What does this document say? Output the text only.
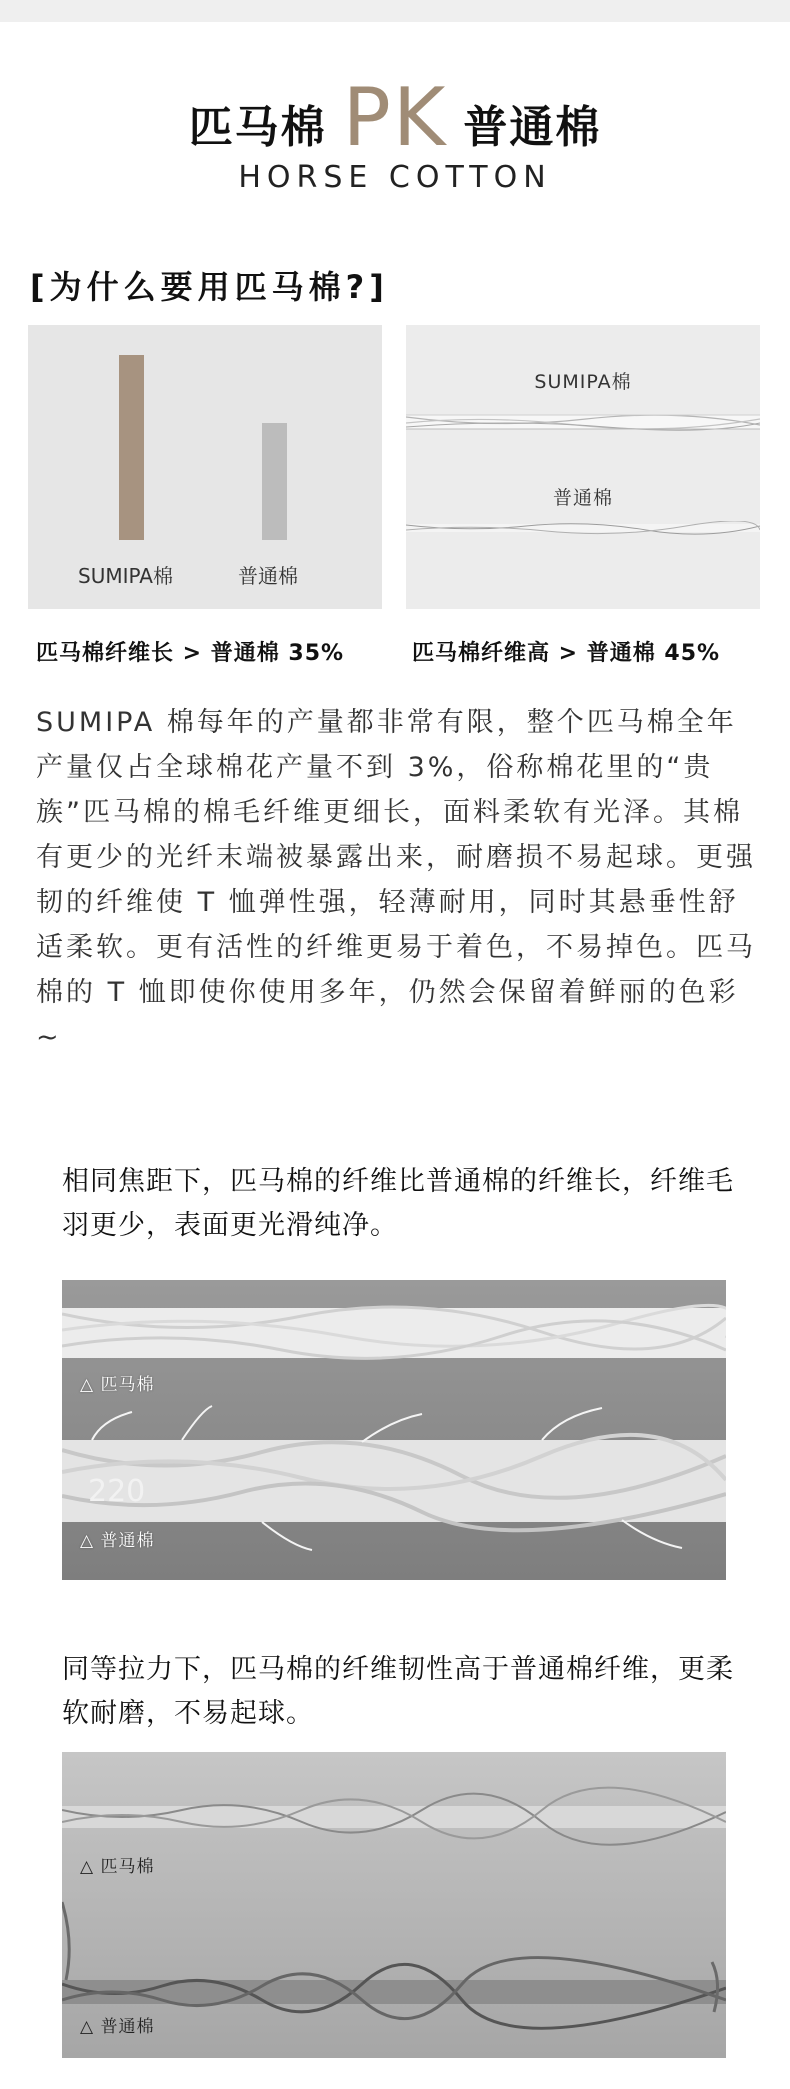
匹马棉 PK 普通棉
HORSE COTTON
[为什么要用匹马棉?]
SUMIPA棉	普通棉
SUMIPA棉
普通棉
匹马棉纤维长 > 普通棉 35%	匹马棉纤维高 > 普通棉 45%
SUMIPA 棉每年的产量都非常有限，整个匹马棉全年产量仅占全球棉花产量不到 3%，俗称棉花里的“贵族”匹马棉的棉毛纤维更细长，面料柔软有光泽。其棉有更少的光纤末端被暴露出来，耐磨损不易起球。更强韧的纤维使 T 恤弹性强，轻薄耐用，同时其悬垂性舒适柔软。更有活性的纤维更易于着色，不易掉色。匹马棉的 T 恤即使你使用多年，仍然会保留着鲜丽的色彩 ~
相同焦距下，匹马棉的纤维比普通棉的纤维长，纤维毛羽更少，表面更光滑纯净。
△ 匹马棉
220
△ 普通棉
同等拉力下，匹马棉的纤维韧性高于普通棉纤维，更柔软耐磨，不易起球。
△ 匹马棉
△ 普通棉
